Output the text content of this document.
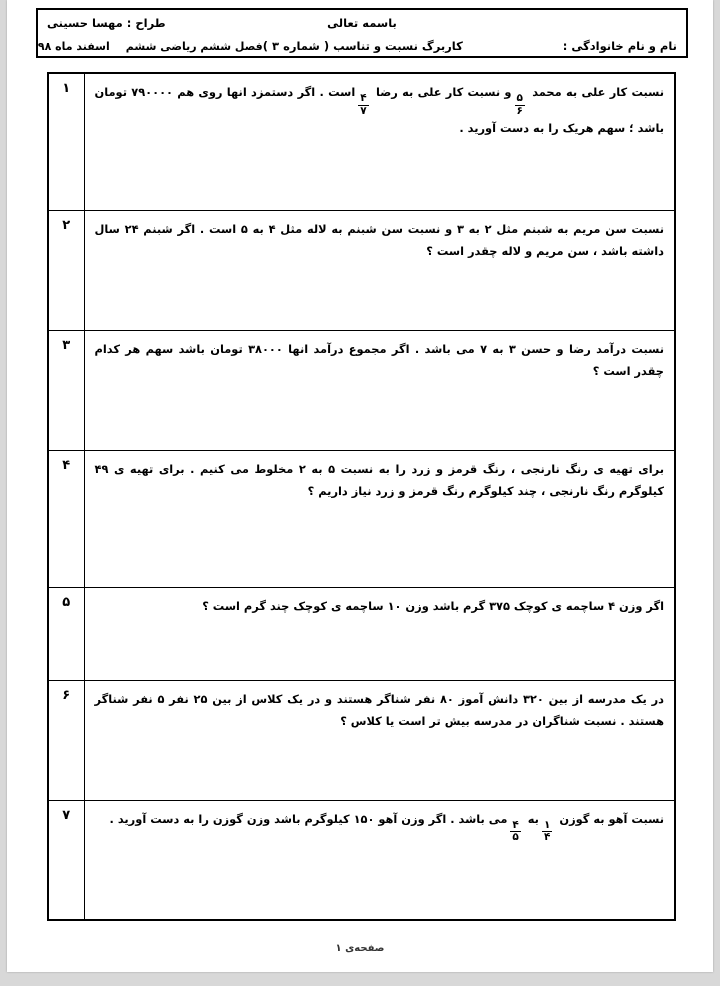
باسمه تعالی
طراح : مهسا حسینی
نام و نام خانوادگی :
کاربرگ نسبت و تناسب ( شماره ۳ )
فصل ششم ریاضی ششم
اسفند ماه ۹۸
نسبت کار علی به محمد
$\frac{۵}{۶}$
و نسبت کار علی به رضا
$\frac{۴}{۷}$
است . اگر دستمزد انها روی هم ۷۹۰۰۰۰ تومان باشد ؛ سهم هریک را به دست آورید .
	۱

نسبت سن مریم به شبنم مثل ۲ به ۳ و نسبت سن شبنم به لاله مثل ۴ به ۵ است . اگر شبنم ۲۴ سال داشته باشد ، سن مریم و لاله چقدر است ؟	۲

نسبت درآمد رضا و حسن ۳ به ۷ می باشد . اگر مجموع درآمد انها ۳۸۰۰۰ تومان باشد سهم هر کدام چقدر است ؟	۳

برای تهیه ی رنگ نارنجی ، رنگ قرمز و زرد را به نسبت ۵ به ۲ مخلوط می کنیم . برای تهیه ی ۴۹ کیلوگرم رنگ نارنجی ، چند کیلوگرم رنگ قرمز و زرد نیاز داریم ؟	۴

اگر وزن ۴ ساچمه ی کوچک ۳۷۵ گرم باشد وزن ۱۰ ساچمه ی کوچک چند گرم است ؟	۵

در یک مدرسه از بین ۳۲۰ دانش آموز ۸۰ نفر شناگر هستند و در یک کلاس از بین ۲۵ نفر ۵ نفر شناگر هستند . نسبت شناگران در مدرسه بیش تر است یا کلاس ؟	۶

نسبت آهو به گوزن
$\frac{۱}{۴}$
به
$\frac{۴}{۵}$
می باشد . اگر وزن آهو ۱۵۰ کیلوگرم باشد وزن گوزن را به دست آورید .
	۷
صفحه‌ی ۱
